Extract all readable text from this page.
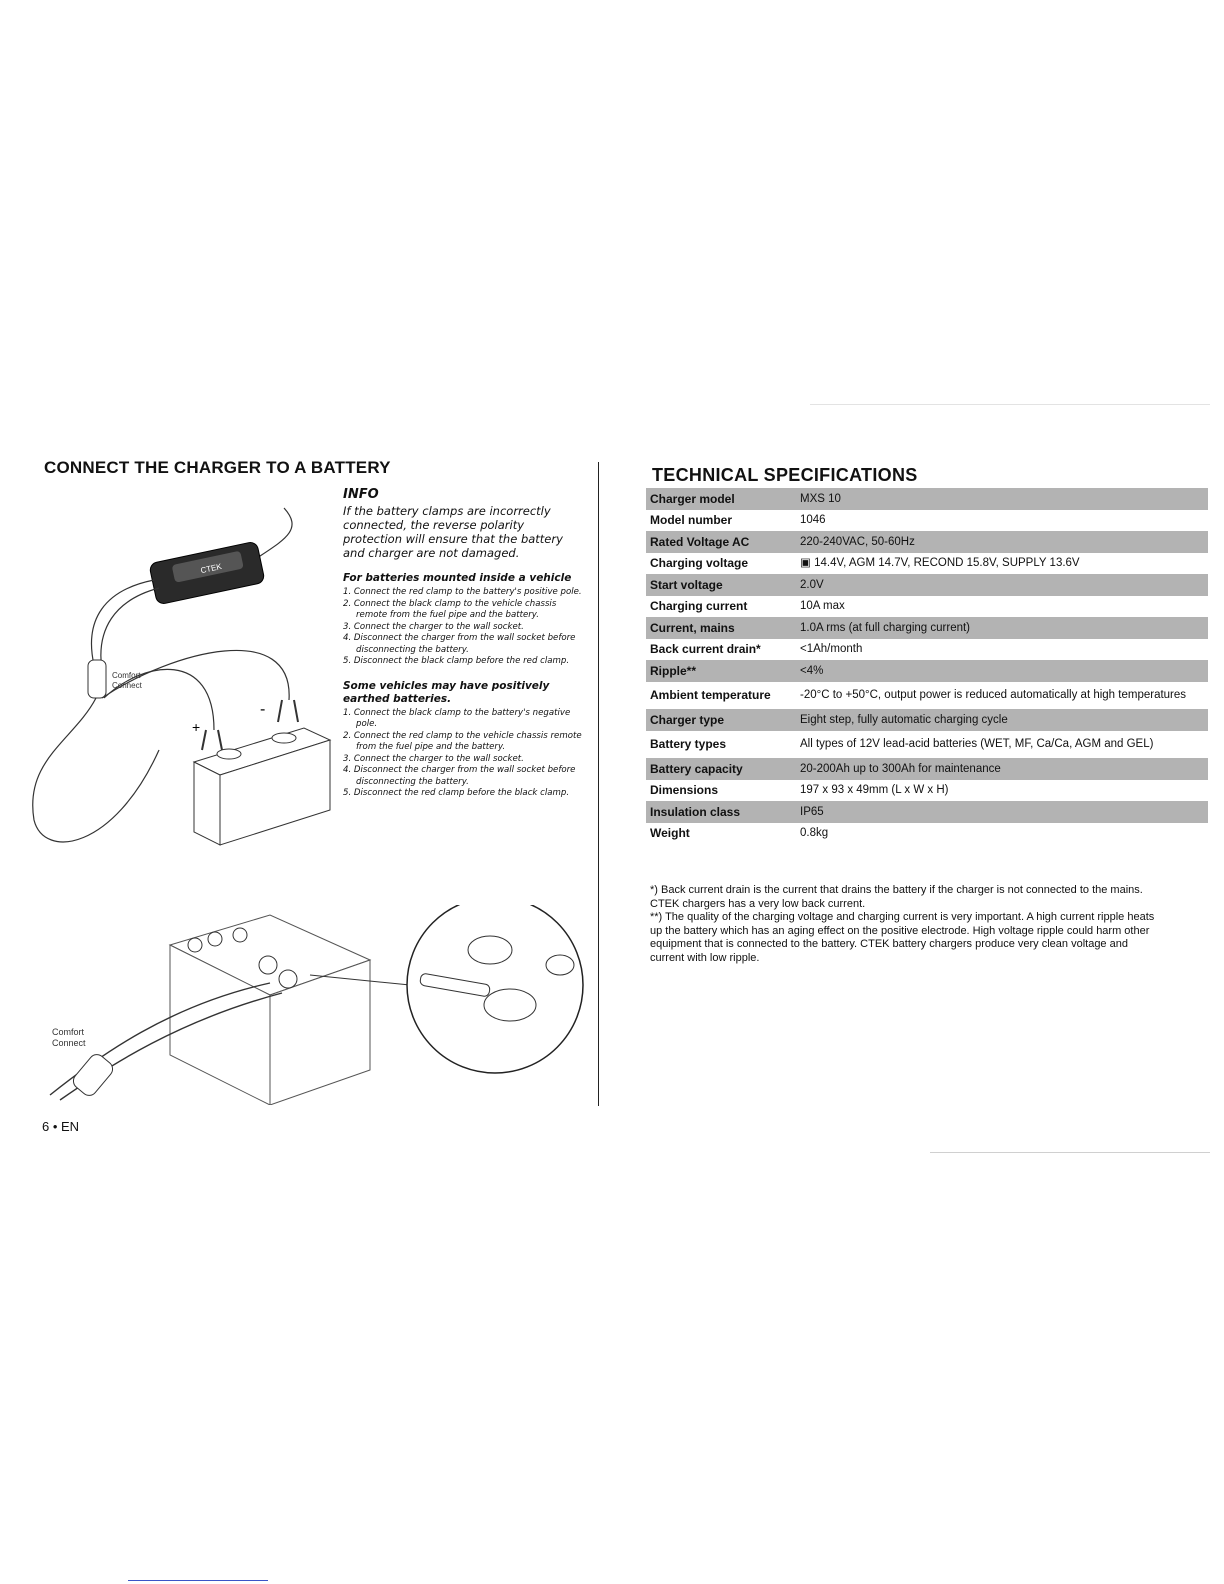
CONNECT THE CHARGER TO A BATTERY
INFO
If the battery clamps are incorrectly connected, the reverse polarity protection will ensure that the battery and charger are not damaged.
For batteries mounted inside a vehicle
1. Connect the red clamp to the battery's positive pole.
2. Connect the black clamp to the vehicle chassis remote from the fuel pipe and the battery.
3. Connect the charger to the wall socket.
4. Disconnect the charger from the wall socket before disconnecting the battery.
5. Disconnect the black clamp before the red clamp.
Some vehicles may have positively earthed batteries.
1. Connect the black clamp to the battery's negative pole.
2. Connect the red clamp to the vehicle chassis remote from the fuel pipe and the battery.
3. Connect the charger to the wall socket.
4. Disconnect the charger from the wall socket before disconnecting the battery.
5. Disconnect the red clamp before the black clamp.
CTEK
Comfort
Connect
+
-
Comfort
Connect
6 • EN
TECHNICAL SPECIFICATIONS
Charger model	MXS 10
Model number	1046
Rated Voltage AC	220-240VAC, 50-60Hz
Charging voltage	▣ 14.4V, AGM 14.7V, RECOND 15.8V, SUPPLY 13.6V
Start voltage	2.0V
Charging current	10A max
Current, mains	1.0A rms (at full charging current)
Back current drain*	<1Ah/month
Ripple**	<4%
Ambient temperature	-20°C to +50°C, output power is reduced automatically at high temperatures
Charger type	Eight step, fully automatic charging cycle
Battery types	All types of 12V lead-acid batteries (WET, MF, Ca/Ca, AGM and GEL)
Battery capacity	20-200Ah up to 300Ah for maintenance
Dimensions	197 x 93 x 49mm (L x W x H)
Insulation class	IP65
Weight	0.8kg
*) Back current drain is the current that drains the battery if the charger is not connected to the mains. CTEK chargers has a very low back current.
**) The quality of the charging voltage and charging current is very important. A high current ripple heats up the battery which has an aging effect on the positive electrode. High voltage ripple could harm other equipment that is connected to the battery. CTEK battery chargers produce very clean voltage and current with low ripple.
